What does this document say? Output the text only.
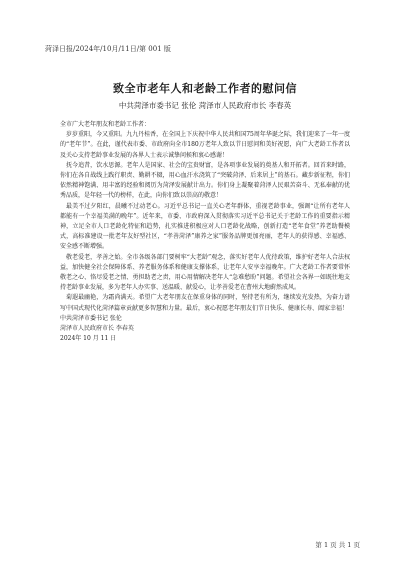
菏泽日报/2024年/10月/11日/第 001 版
致全市老年人和老龄工作者的慰问信
中共菏泽市委书记 张伦 菏泽市人民政府市长 李春英

全市广大老年朋友和老龄工作者：

岁岁重阳，今又重阳。九九丹桂香，在全国上下庆祝中华人民共和国75周年华诞之际，我们迎来了一年一度的“老年节”。在此，谨代表市委、市政府向全市180万老年人致以节日慰问和美好祝愿，向广大老龄工作者以及关心支持老龄事业发展的各界人士表示诚挚问候和衷心感谢！

抚今追昔，饮水思源。老年人是国家、社会的宝贵财富，是各项事业发展的奠基人和开拓者。回首来时路，你们在各自战线上践行职责、勤耕不辍，用心血汗水浇筑了“突破菏泽、后来居上”的基石。藏步新征程，你们依然精神饱满、用丰富的经验和阅历为菏泽发展献计出力。你们身上凝聚着菏泽人民艰苦奋斗、无私奉献的优秀品质，是年轻一代的榜样，在此，向你们致以崇高的敬意！

最美不过夕阳红，晨曦不过动老心。习近平总书记一直关心老年群体，重视老龄事业，强调“让所有老年人都能有一个幸福美满的晚年”。近年来，市委、市政府深入贯彻落实习近平总书记关于老龄工作的重要指示精神，立足全市人口老龄化特征和趋势，扎实推进积极应对人口老龄化战略，创新打造“老年食堂”养老助餐模式，高标准建设一批老年友好型社区，“孝善菏泽”康养之家”服务品牌更加亮丽，老年人的获得感、幸福感、安全感不断增强。

敬老爱老，孝善之始。全市各级各部门要树牢“大老龄”观念，落实好老年人优待政策，维护好老年人合法权益，加快健全社会保障体系、养老服务体系和健康支撑体系，让老年人安享幸福晚年。广大老龄工作者要常怀敬老之心、恪尽爱老之情、勇担助老之责，用心用情解决老年人“急难愁盼”问题。希望社会各界一如既往地支持老龄事业发展，多为老年人办实事、送温暖、献爱心，让孝善爱老在曹州大地蔚然成风。

菊遐最幽艳，为霜尚满天。希望广大老年朋友在保重身体的同时，坚持老有所为，继续发光发热，为奋力谱写中国式现代化菏泽篇章贡献更多智慧和力量。最后，衷心祝愿老年朋友们节日快乐、健康长寿、阖家幸福！

中共菏泽市委书记 张伦

菏泽市人民政府市长 李春英

2024年 10 月 11 日

第 1 页 共 1 页
